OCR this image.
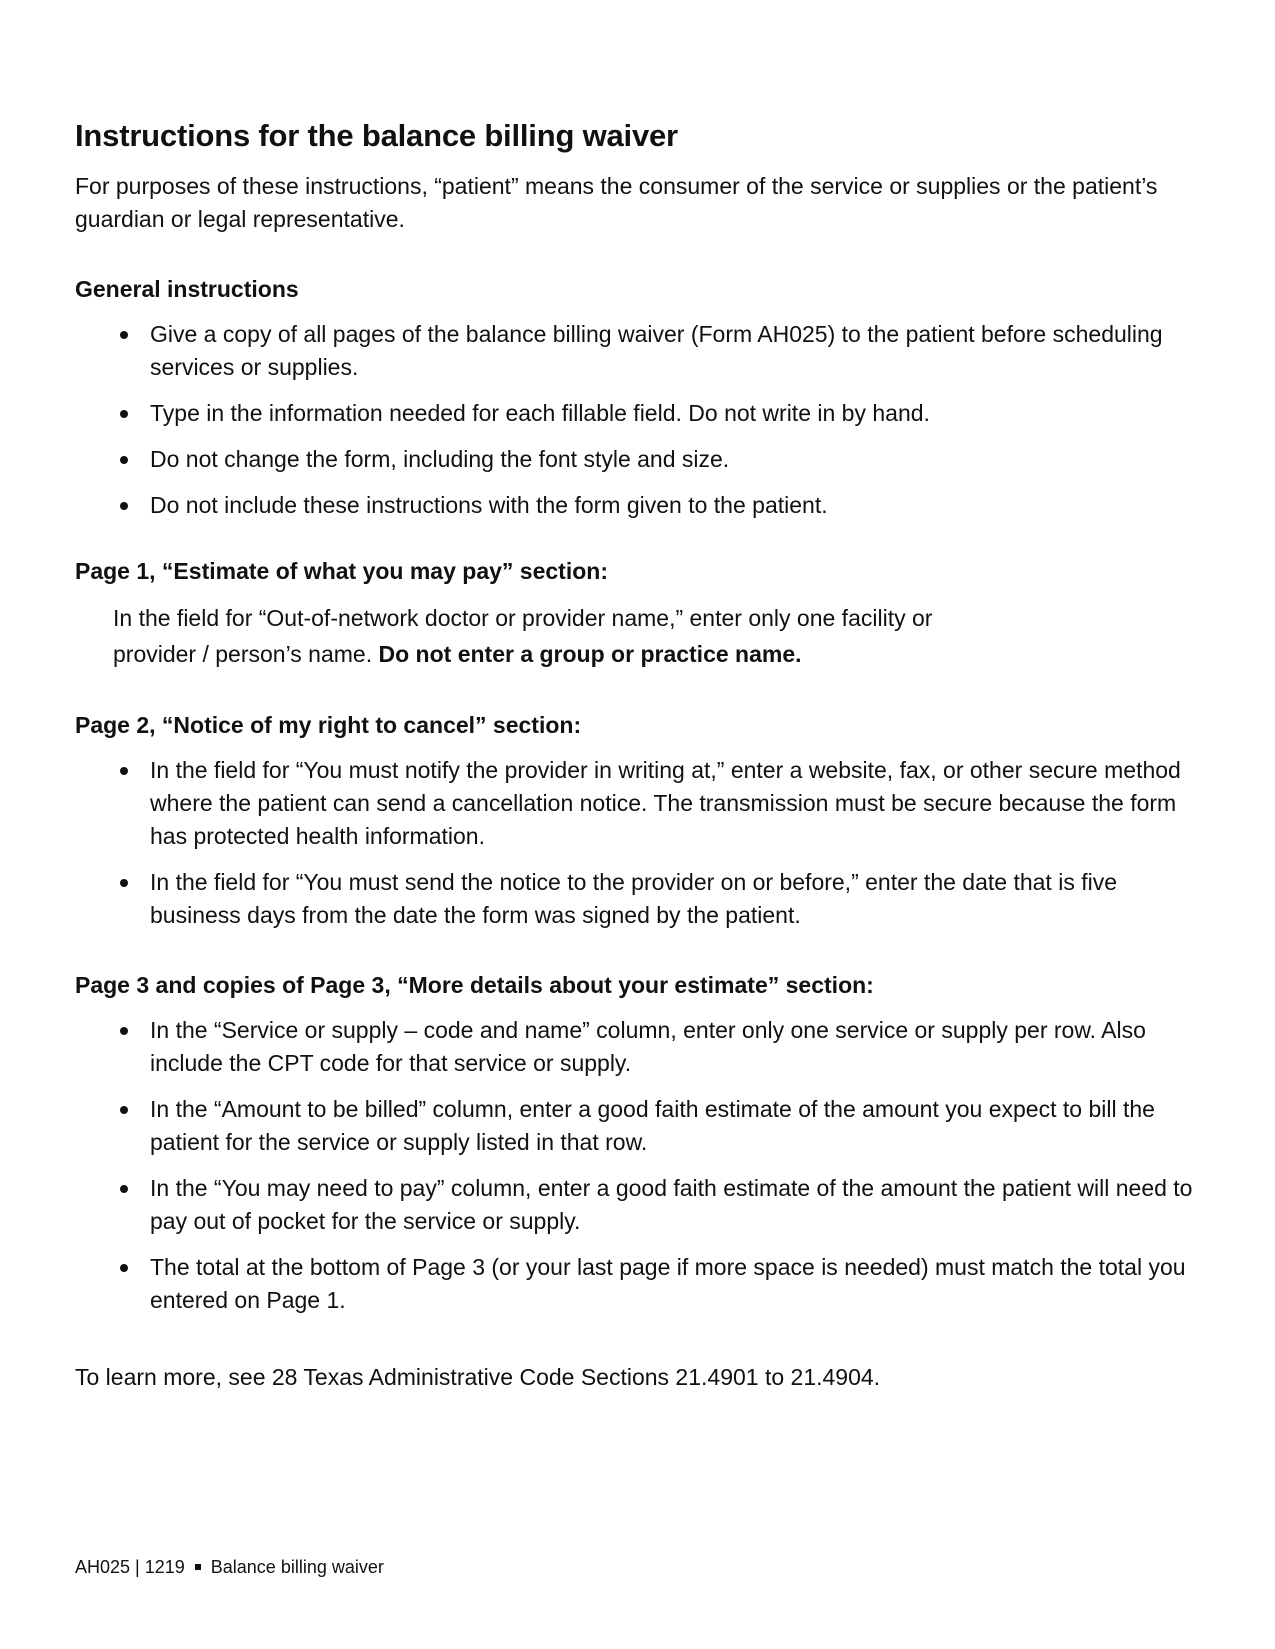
Instructions for the balance billing waiver

For purposes of these instructions, “patient” means the consumer of the service or supplies or the patient’s guardian or legal representative.

General instructions
Give a copy of all pages of the balance billing waiver (Form AH025) to the patient before scheduling services or supplies.
Type in the information needed for each fillable field. Do not write in by hand.
Do not change the form, including the font style and size.
Do not include these instructions with the form given to the patient.
Page 1, “Estimate of what you may pay” section:

In the field for “Out-of-network doctor or provider name,” enter only one facility or
provider / person’s name. Do not enter a group or practice name.

Page 2, “Notice of my right to cancel” section:
In the field for “You must notify the provider in writing at,” enter a website, fax, or other secure method where the patient can send a cancellation notice. The transmission must be secure because the form has protected health information.
In the field for “You must send the notice to the provider on or before,” enter the date that is five business days from the date the form was signed by the patient.
Page 3 and copies of Page 3, “More details about your estimate” section:
In the “Service or supply – code and name” column, enter only one service or supply per row. Also include the CPT code for that service or supply.
In the “Amount to be billed” column, enter a good faith estimate of the amount you expect to bill the patient for the service or supply listed in that row.
In the “You may need to pay” column, enter a good faith estimate of the amount the patient will need to pay out of pocket for the service or supply.
The total at the bottom of Page 3 (or your last page if more space is needed) must match the total you entered on Page 1.

To learn more, see 28 Texas Administrative Code Sections 21.4901 to 21.4904.

AH025 | 1219 Balance billing waiver
